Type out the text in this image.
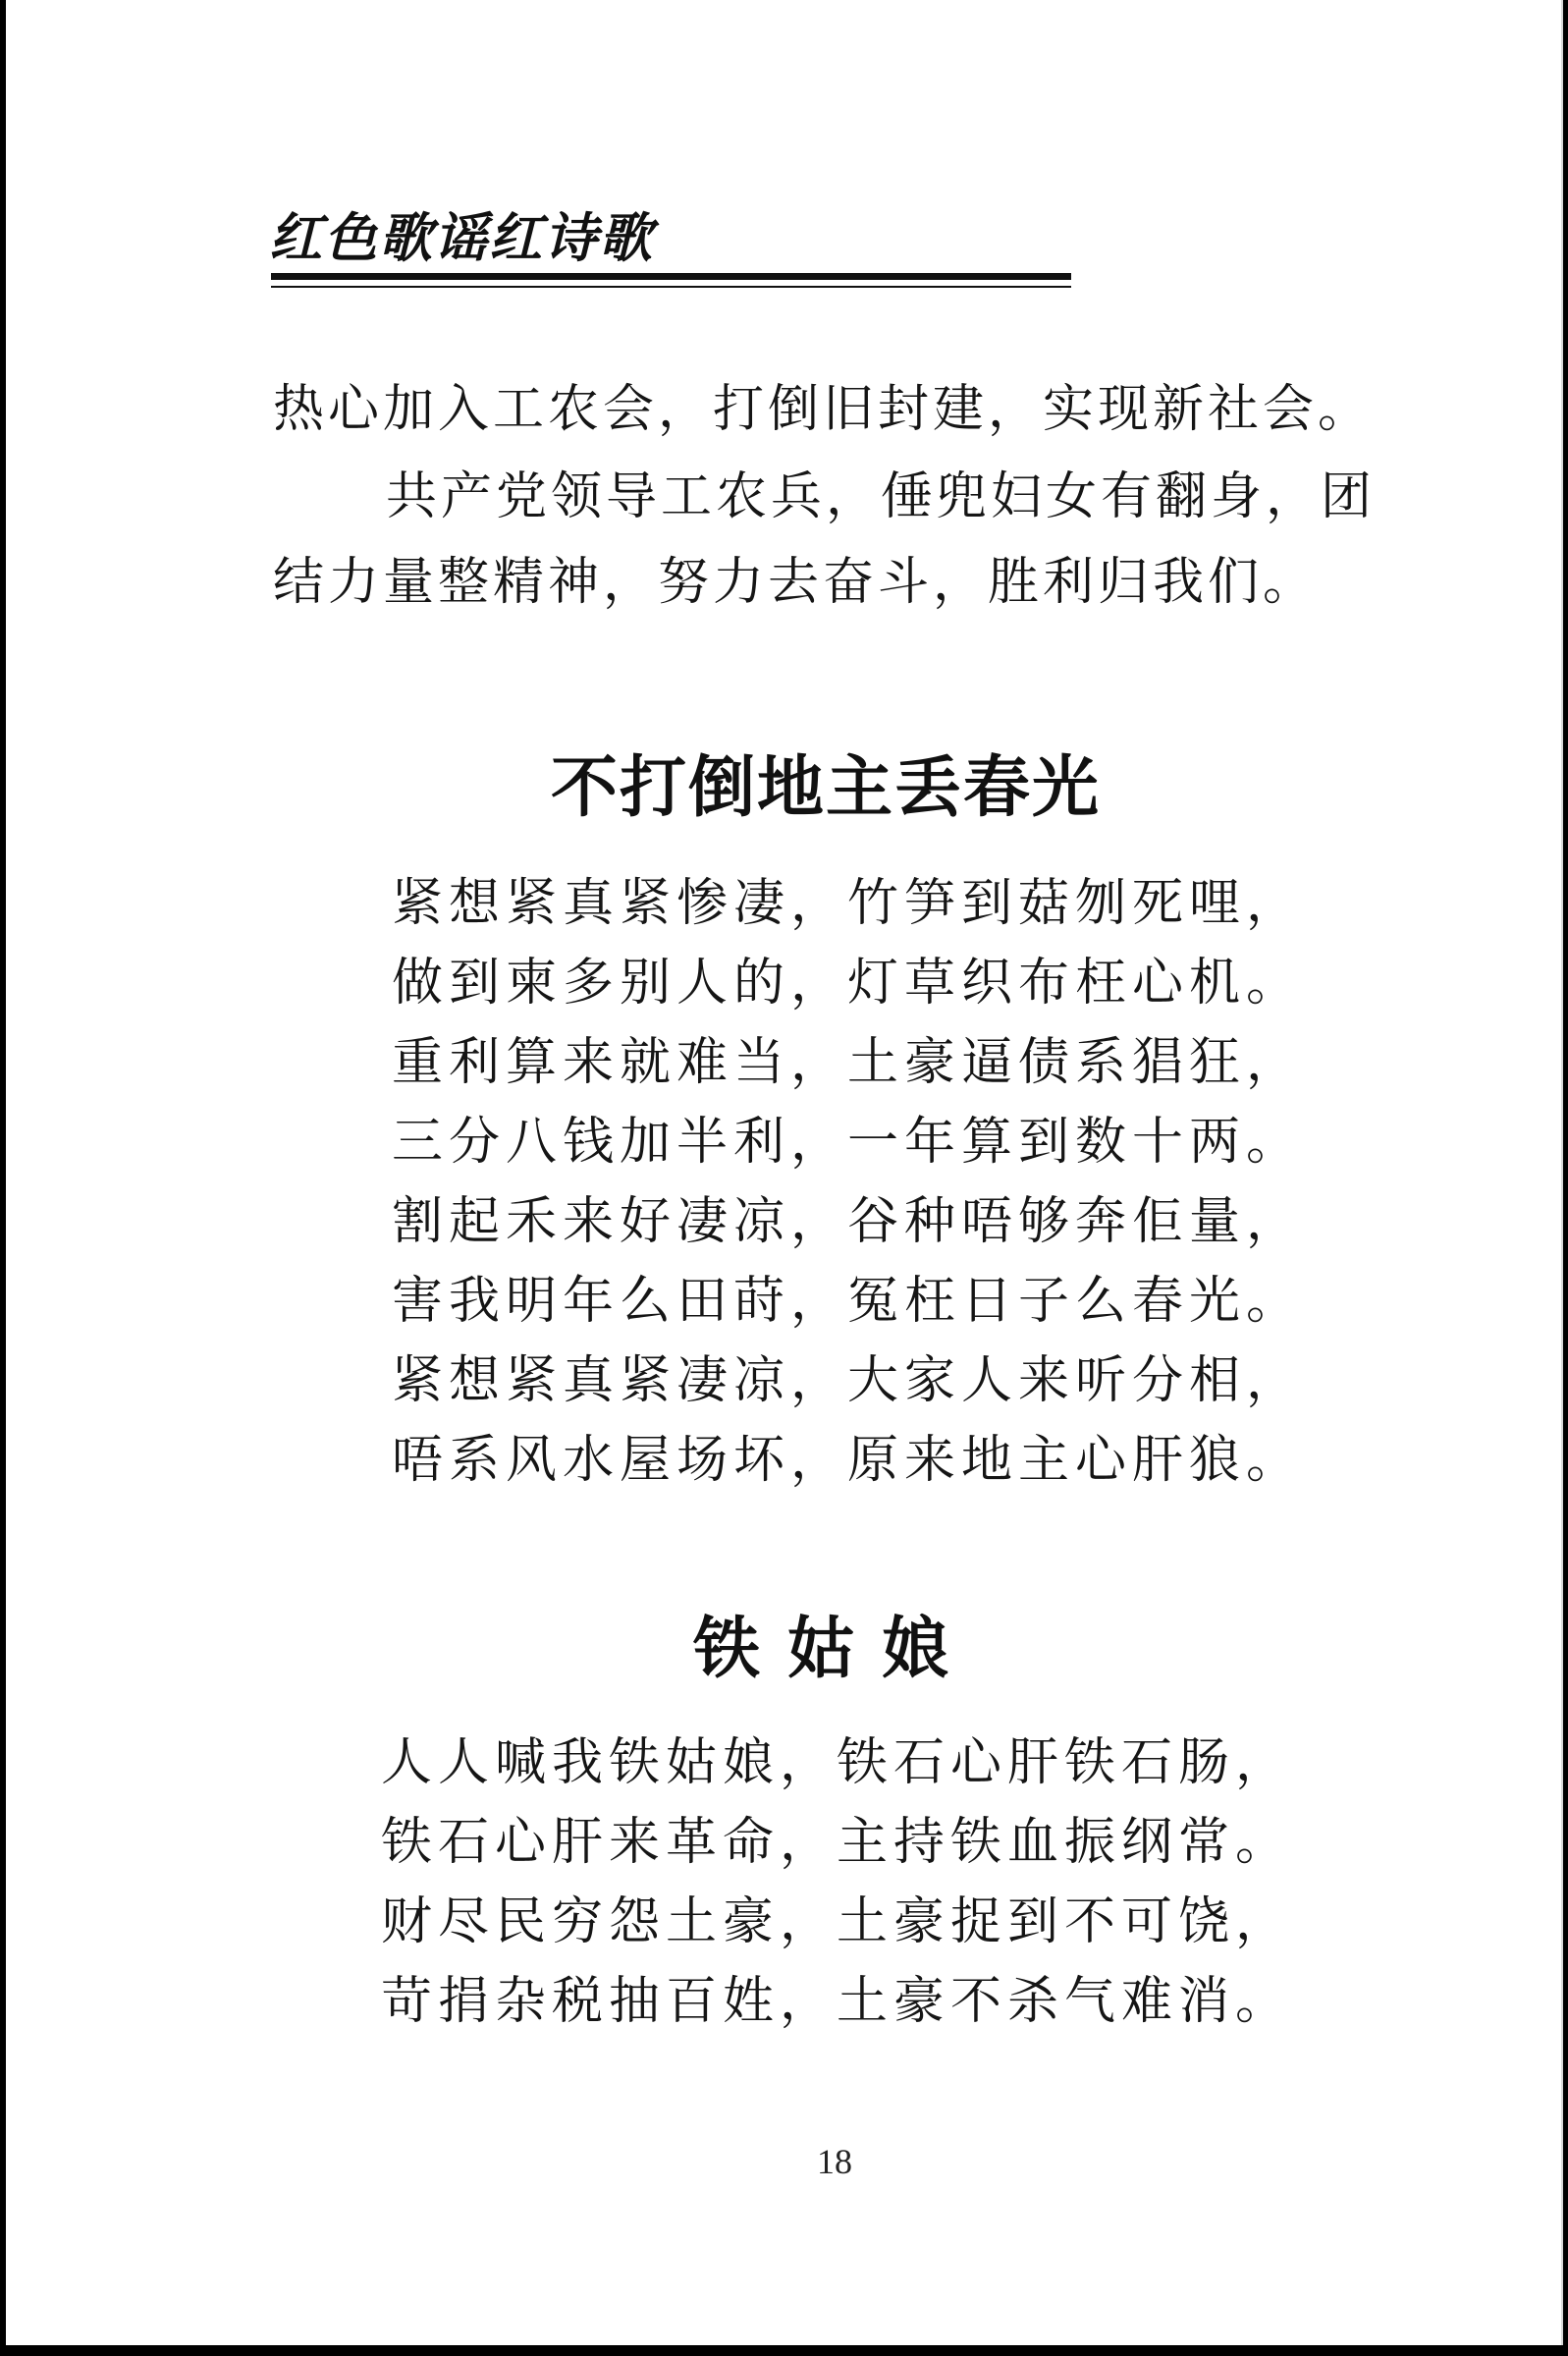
红色歌谣红诗歌
热心加入工农会，打倒旧封建，实现新社会。
共产党领导工农兵，倕兜妇女有翻身，团
结力量整精神，努力去奋斗，胜利归我们。
不打倒地主丢春光
紧想紧真紧惨凄，竹笋到菇刎死哩，
做到柬多别人的，灯草织布枉心机。
重利算来就难当，土豪逼债系猖狂，
三分八钱加半利，一年算到数十两。
割起禾来好凄凉，谷种唔够奔佢量，
害我明年么田莳，冤枉日子么春光。
紧想紧真紧凄凉，大家人来听分相，
唔系风水屋场坏，原来地主心肝狼。
铁姑娘
人人喊我铁姑娘，铁石心肝铁石肠，
铁石心肝来革命，主持铁血振纲常。
财尽民穷怨土豪，土豪捉到不可饶，
苛捐杂税抽百姓，土豪不杀气难消。
18
